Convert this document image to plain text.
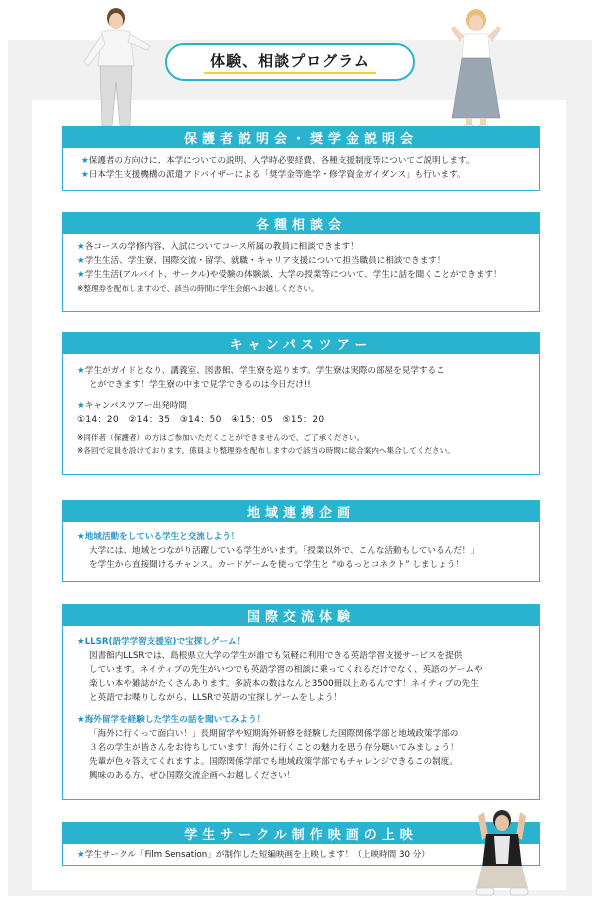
体験、相談プログラム
保護者説明会・奨学金説明会
★保護者の方向けに、本学についての説明、入学時必要経費、各種支援制度等についてご説明します。
★日本学生支援機構の派遣アドバイザーによる「奨学金等進学・修学資金ガイダンス」も行います。
各種相談会
★各コースの学修内容、入試についてコース所属の教員に相談できます！
★学生生活、学生寮、国際交流・留学、就職・キャリア支援について担当職員に相談できます！
★学生生活(アルバイト、サークル)や受験の体験談、大学の授業等について、学生に話を聞くことができます！
※整理券を配布しますので、該当の時間に学生会館へお越しください。
キャンパスツアー
★学生がガイドとなり、講義室、図書館、学生寮を巡ります。学生寮は実際の部屋を見学するこ
とができます！学生寮の中まで見学できるのは今日だけ!!
★キャンパスツアー出発時間
①14：20　②14：35　③14：50　④15：05　⑤15：20
※同伴者（保護者）の方はご参加いただくことができませんので、ご了承ください。
※各回で定員を設けております。係員より整理券を配布しますので該当の時間に総合案内へ集合してください。
地域連携企画
★地域活動をしている学生と交流しよう！
大学には、地域とつながり活躍している学生がいます。「授業以外で、こんな活動もしているんだ！」
を学生から直接聞けるチャンス。カードゲームを使って学生と “ゆるっとコネクト” しましょう！
国際交流体験
★LLSR(語学学習支援室)で宝探しゲーム！
図書館内LLSRでは、島根県立大学の学生が誰でも気軽に利用できる英語学習支援サービスを提供
しています。ネイティブの先生がいつでも英語学習の相談に乗ってくれるだけでなく、英語のゲームや
楽しい本や雑誌がたくさんあります。多読本の数はなんと3500冊以上あるんです！ネイティブの先生
と英語でお喋りしながら、LLSRで英語の宝探しゲームをしよう！
★海外留学を経験した学生の話を聞いてみよう！
「海外に行くって面白い！」長期留学や短期海外研修を経験した国際関係学部と地域政策学部の
３名の学生が皆さんをお待ちしています！海外に行くことの魅力を思う存分聴いてみましょう！
先輩が色々答えてくれますよ。国際関係学部でも地域政策学部でもチャレンジできるこの制度。
興味のある方、ぜひ国際交流企画へお越しください！
学生サークル制作映画の上映
★学生サークル「Film Sensation」が制作した短編映画を上映します！（上映時間 30 分）
